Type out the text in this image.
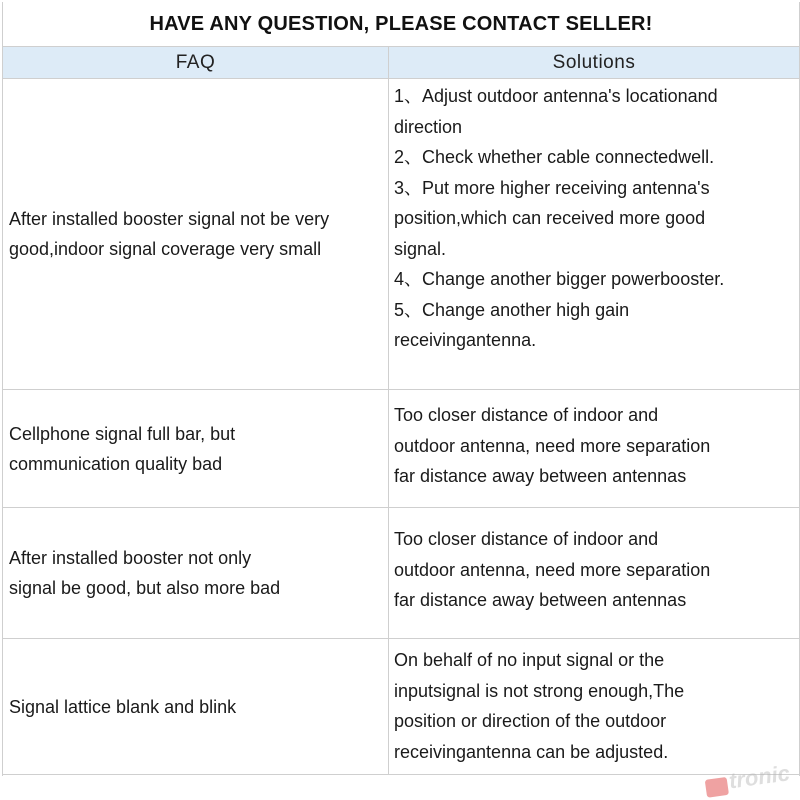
HAVE ANY QUESTION, PLEASE CONTACT SELLER!
FAQ	Solutions
After installed booster signal not be very
good,indoor signal coverage very small
1、Adjust outdoor antenna's locationand
direction
2、Check whether cable connectedwell.
3、Put more higher receiving antenna's
position,which can received more good
signal.
4、Change another bigger powerbooster.
5、Change another high gain
receivingantenna.
Cellphone signal full bar, but
communication quality bad
Too closer distance of indoor and
outdoor antenna, need more separation
far distance away between antennas
After installed booster not only
signal be good, but also more bad
Too closer distance of indoor and
outdoor antenna, need more separation
far distance away between antennas
Signal lattice blank and blink
On behalf of no input signal or the
inputsignal is not strong enough,The
position or direction of the outdoor
receivingantenna can be adjusted.
tronic
